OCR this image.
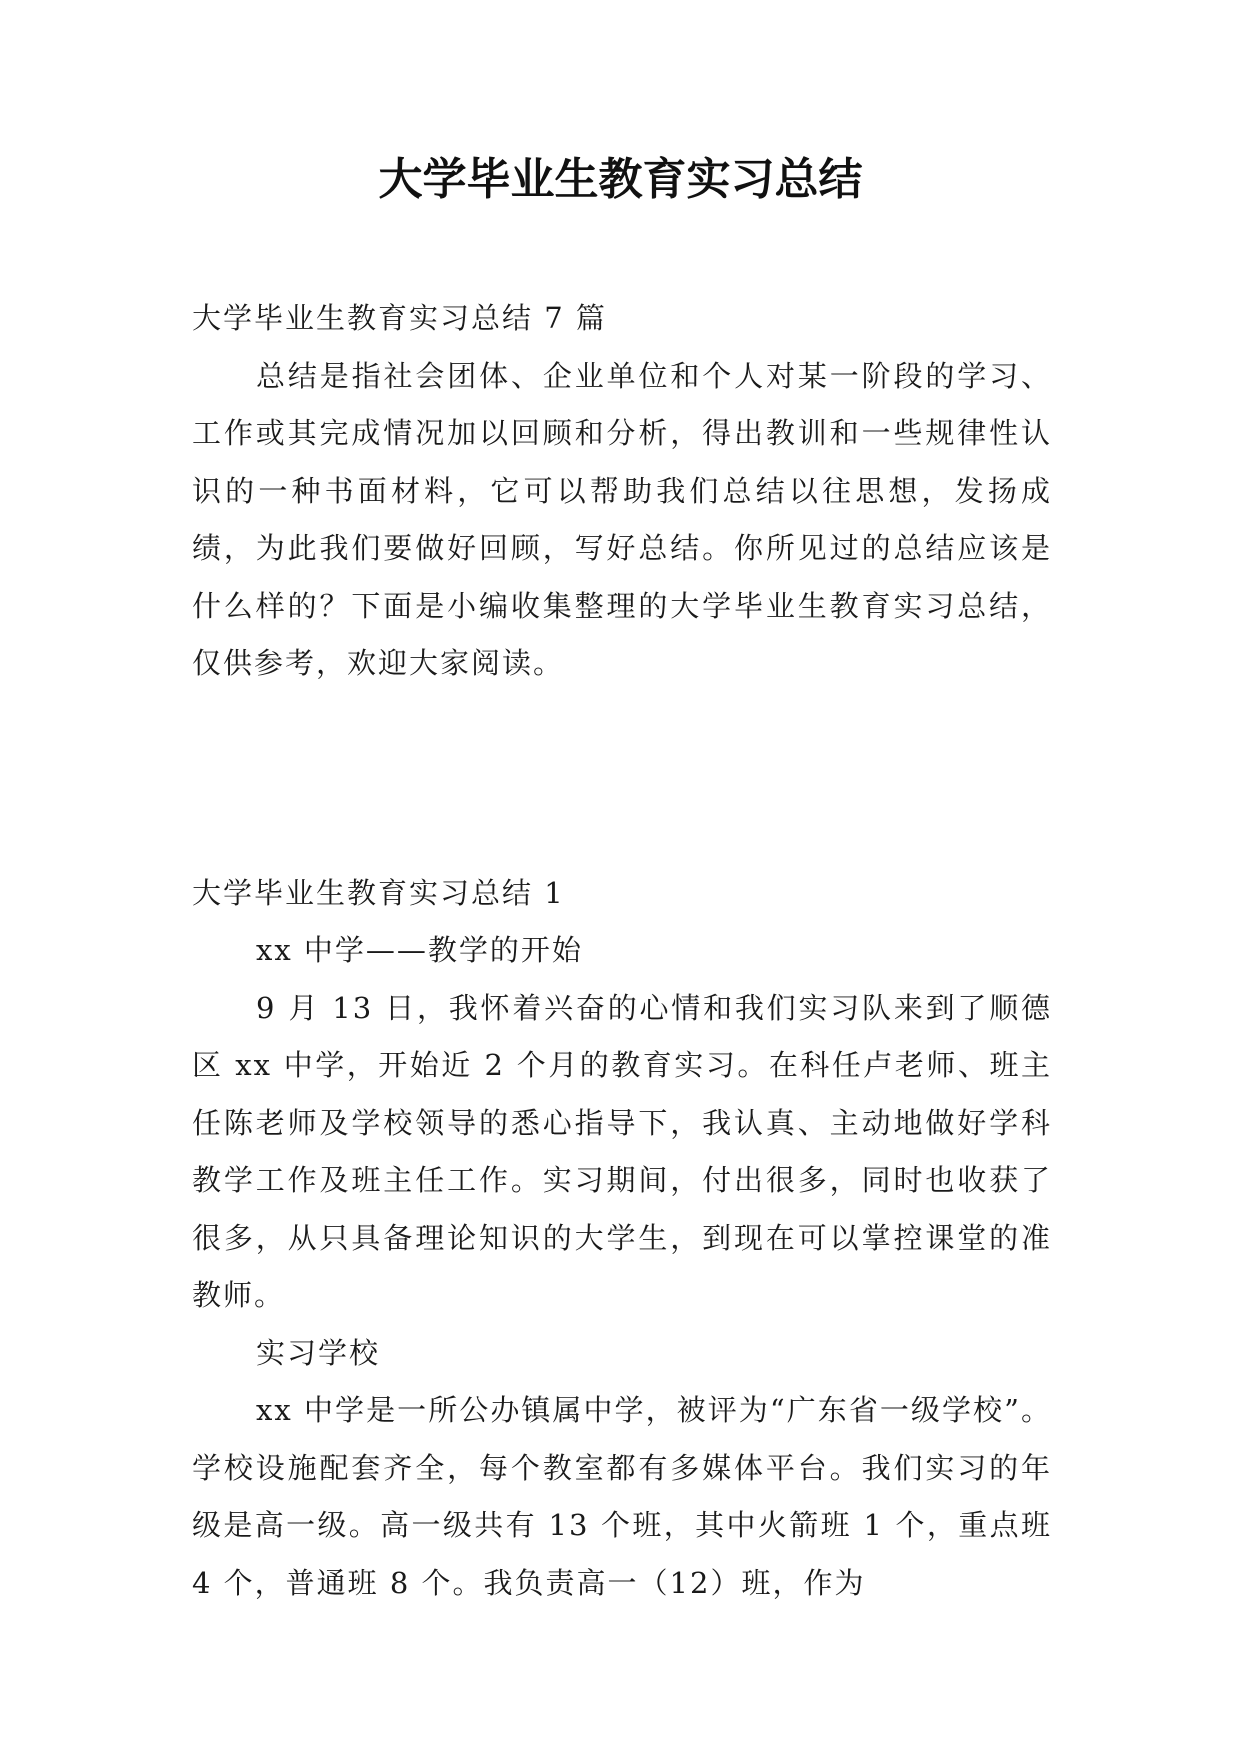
大学毕业生教育实习总结

大学毕业生教育实习总结 7 篇

总结是指社会团体、企业单位和个人对某一阶段的学习、工作或其完成情况加以回顾和分析，得出教训和一些规律性认识的一种书面材料，它可以帮助我们总结以往思想，发扬成绩，为此我们要做好回顾，写好总结。你所见过的总结应该是什么样的？下面是小编收集整理的大学毕业生教育实习总结，仅供参考，欢迎大家阅读。

大学毕业生教育实习总结 1

xx 中学——教学的开始

9 月 13 日，我怀着兴奋的心情和我们实习队来到了顺德区 xx 中学，开始近 2 个月的教育实习。在科任卢老师、班主任陈老师及学校领导的悉心指导下，我认真、主动地做好学科教学工作及班主任工作。实习期间，付出很多，同时也收获了很多，从只具备理论知识的大学生，到现在可以掌控课堂的准教师。

实习学校

xx 中学是一所公办镇属中学，被评为“广东省一级学校”。学校设施配套齐全，每个教室都有多媒体平台。我们实习的年级是高一级。高一级共有 13 个班，其中火箭班 1 个，重点班 4 个，普通班 8 个。我负责高一（12）班，作为
